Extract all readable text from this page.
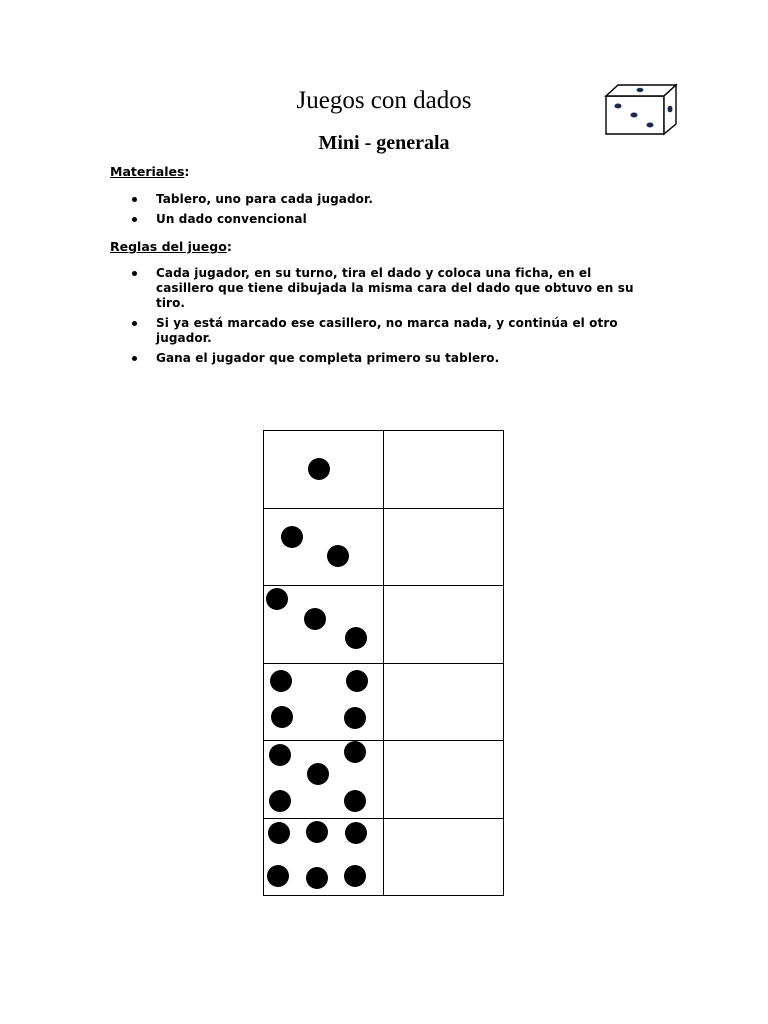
Juegos con dados
Mini - generala
Materiales:
Tablero, uno para cada jugador.
Un dado convencional
Reglas del juego:
Cada jugador, en su turno, tira el dado y coloca una ficha, en el casillero que tiene dibujada la misma cara del dado que obtuvo en su tiro.
Si ya está marcado ese casillero, no marca nada, y continúa el otro jugador.
Gana el jugador que completa primero su tablero.
